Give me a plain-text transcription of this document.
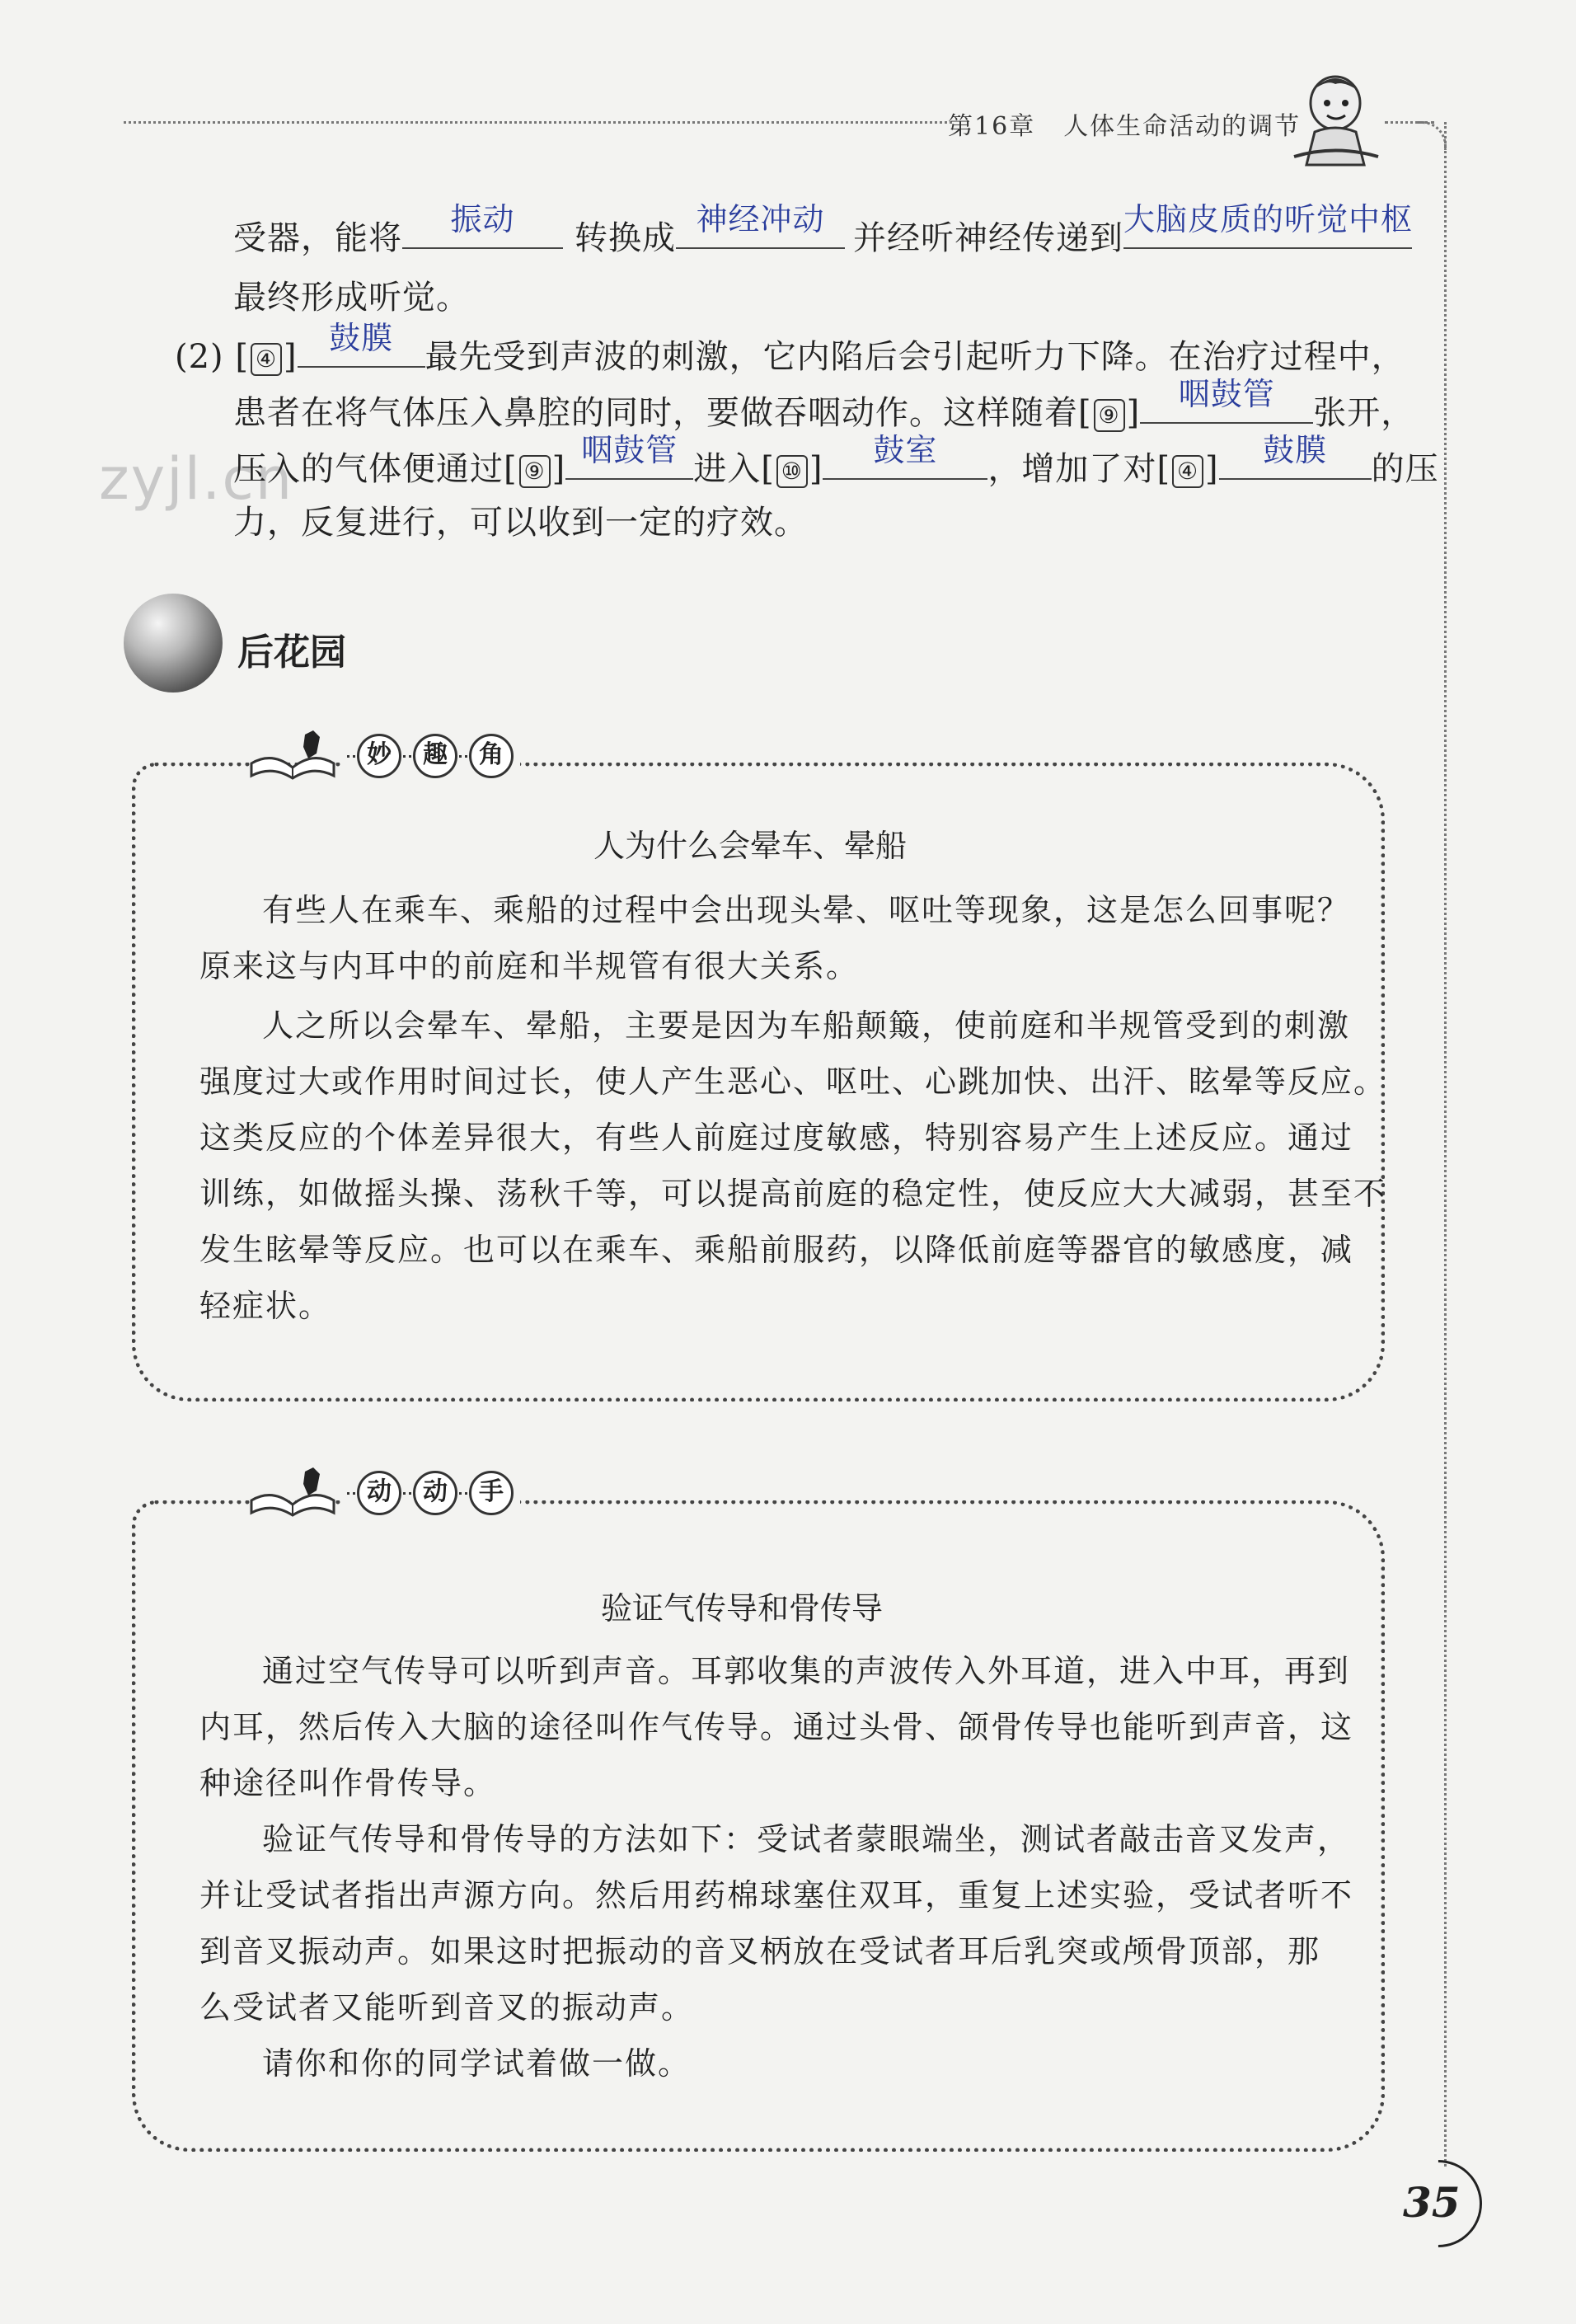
第16章 人体生命活动的调节
zyjl.cn
受器，能将	振动	转换成 神经冲动 并经听神经传递到 大脑皮质的听觉中枢
最终形成听觉。
(2) [ ④ ]	鼓膜 最先受到声波的刺激，它内陷后会引起听力下降。在治疗过程中，
患者在将气体压入鼻腔的同时，要做吞咽动作。这样随着[ ⑨ ]	咽鼓管	张开，
压入的气体便通过[ ⑨ ] 咽鼓管 进入[ ⑩ ]	鼓室	，增加了对[ ④ ]	鼓膜	的压
力，反复进行，可以收到一定的疗效。
后花园
妙	趣	角
人为什么会晕车、晕船
有些人在乘车、乘船的过程中会出现头晕、呕吐等现象，这是怎么回事呢？
原来这与内耳中的前庭和半规管有很大关系。
人之所以会晕车、晕船，主要是因为车船颠簸，使前庭和半规管受到的刺激
强度过大或作用时间过长，使人产生恶心、呕吐、心跳加快、出汗、眩晕等反应。
这类反应的个体差异很大，有些人前庭过度敏感，特别容易产生上述反应。通过
训练，如做摇头操、荡秋千等，可以提高前庭的稳定性，使反应大大减弱，甚至不
发生眩晕等反应。也可以在乘车、乘船前服药，以降低前庭等器官的敏感度，减
轻症状。
动	动	手
验证气传导和骨传导
通过空气传导可以听到声音。耳郭收集的声波传入外耳道，进入中耳，再到
内耳，然后传入大脑的途径叫作气传导。通过头骨、颌骨传导也能听到声音，这
种途径叫作骨传导。
验证气传导和骨传导的方法如下：受试者蒙眼端坐，测试者敲击音叉发声，
并让受试者指出声源方向。然后用药棉球塞住双耳，重复上述实验，受试者听不
到音叉振动声。如果这时把振动的音叉柄放在受试者耳后乳突或颅骨顶部，那
么受试者又能听到音叉的振动声。
请你和你的同学试着做一做。
35
